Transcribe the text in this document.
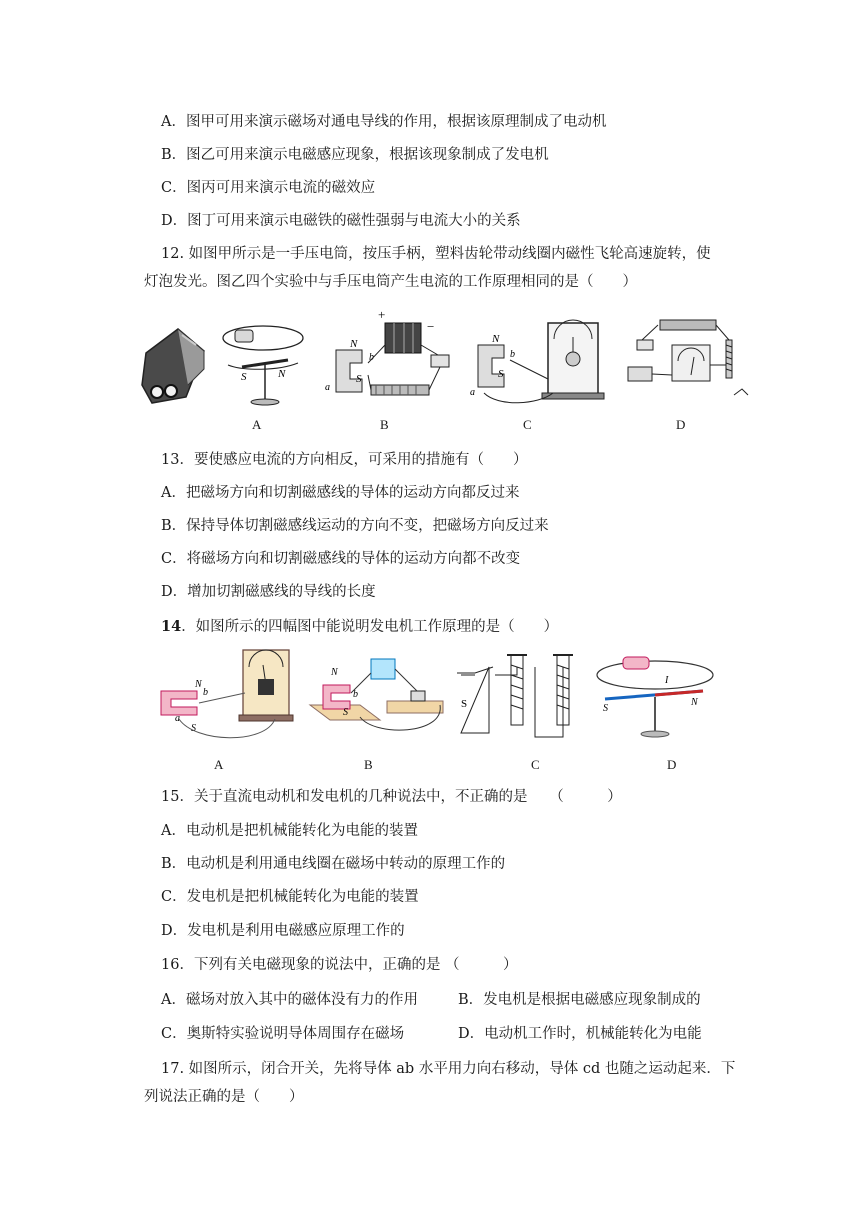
A．图甲可用来演示磁场对通电导线的作用，根据该原理制成了电动机
B．图乙可用来演示电磁感应现象，根据该现象制成了发电机
C．图丙可用来演示电流的磁效应
D．图丁可用来演示电磁铁的磁性强弱与电流大小的关系
12. 如图甲所示是一手压电筒，按压手柄，塑料齿轮带动线圈内磁性飞轮高速旋转，使
灯泡发光。图乙四个实验中与手压电筒产生电流的工作原理相同的是（　　）
S	N
N
S
a
b
+
−
N
S
a
b
A	B	C	D
13．要使感应电流的方向相反，可采用的措施有（　　）
A．把磁场方向和切割磁感线的导体的运动方向都反过来
B．保持导体切割磁感线运动的方向不变，把磁场方向反过来
C．将磁场方向和切割磁感线的导体的运动方向都不改变
D．增加切割磁感线的导线的长度
14．如图所示的四幅图中能说明发电机工作原理的是（　　）
N
b
a
S
N
b
S
S	S
N
I
A	B	C	D
15．关于直流电动机和发电机的几种说法中，不正确的是　　（　　　）
A．电动机是把机械能转化为电能的装置
B．电动机是利用通电线圈在磁场中转动的原理工作的
C．发电机是把机械能转化为电能的装置
D．发电机是利用电磁感应原理工作的
16．下列有关电磁现象的说法中，正确的是 （　　　）
A．磁场对放入其中的磁体没有力的作用	B．发电机是根据电磁感应现象制成的
C．奥斯特实验说明导体周围存在磁场	D．电动机工作时，机械能转化为电能
17. 如图所示，闭合开关，先将导体 ab 水平用力向右移动，导体 cd 也随之运动起来．下
列说法正确的是（　　）
